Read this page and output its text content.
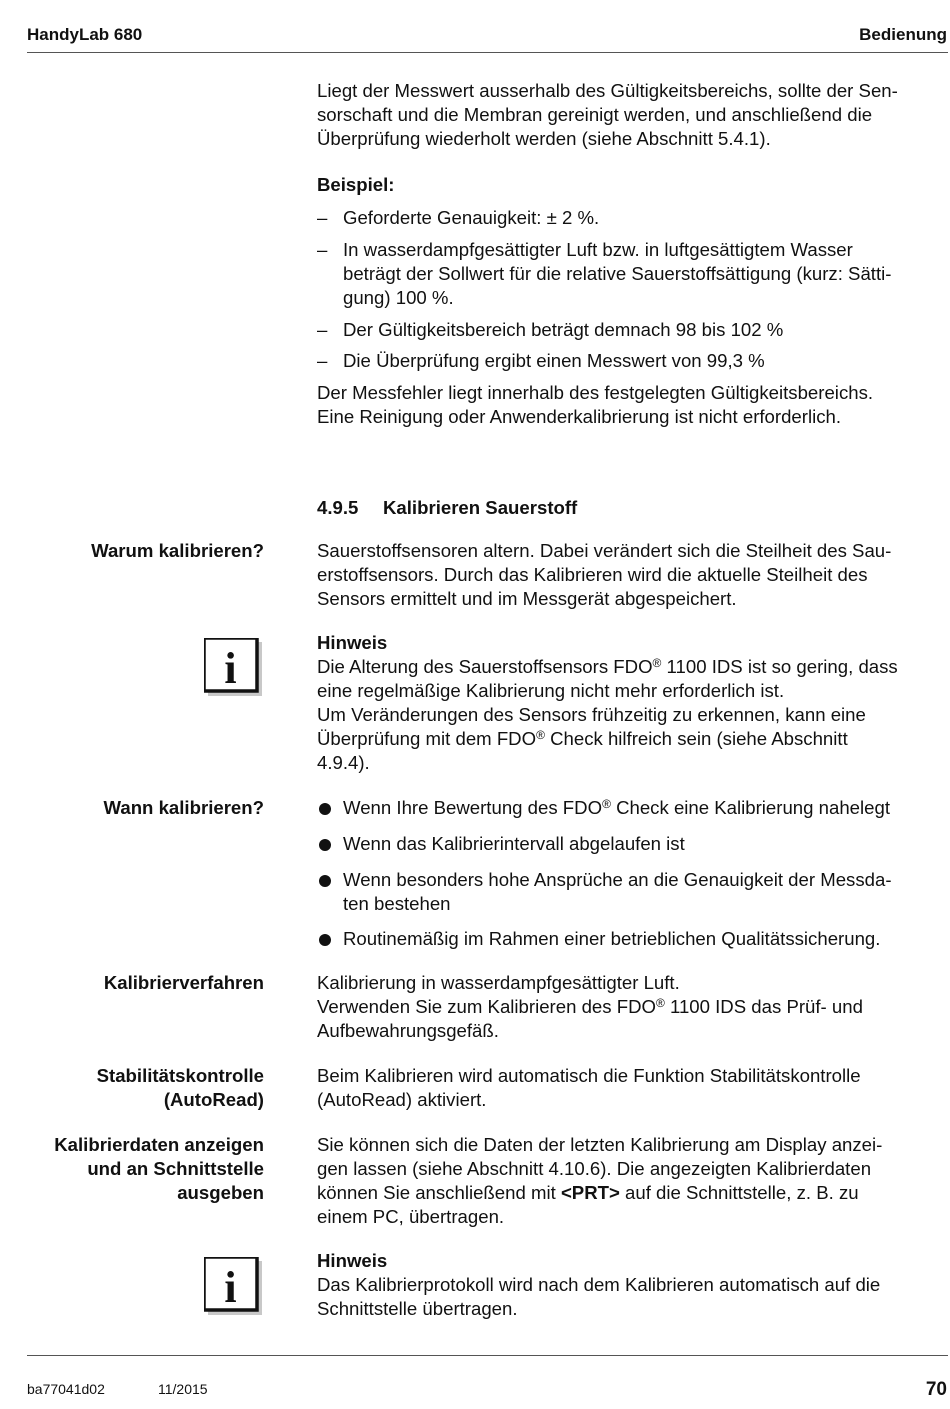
HandyLab 680	Bedienung
Liegt der Messwert ausserhalb des Gültigkeitsbereichs, sollte der Sen-
sorschaft und die Membran gereinigt werden, und anschließend die
Überprüfung wiederholt werden (siehe Abschnitt 5.4.1).
Beispiel:
– Geforderte Genauigkeit: ± 2 %.
– In wasserdampfgesättigter Luft bzw. in luftgesättigtem Wasser
beträgt der Sollwert für die relative Sauerstoffsättigung (kurz: Sätti-
gung) 100 %.
– Der Gültigkeitsbereich beträgt demnach 98 bis 102 %
– Die Überprüfung ergibt einen Messwert von 99,3 %
Der Messfehler liegt innerhalb des festgelegten Gültigkeitsbereichs.
Eine Reinigung oder Anwenderkalibrierung ist nicht erforderlich.
4.9.5 Kalibrieren Sauerstoff
Warum kalibrieren?	Sauerstoffsensoren altern. Dabei verändert sich die Steilheit des Sau-
erstoffsensors. Durch das Kalibrieren wird die aktuelle Steilheit des
Sensors ermittelt und im Messgerät abgespeichert.
i
Hinweis
Die Alterung des Sauerstoffsensors FDO® 1100 IDS ist so gering, dass
eine regelmäßige Kalibrierung nicht mehr erforderlich ist.
Um Veränderungen des Sensors frühzeitig zu erkennen, kann eine
Überprüfung mit dem FDO® Check hilfreich sein (siehe Abschnitt
4.9.4).
Wann kalibrieren?	Wenn Ihre Bewertung des FDO® Check eine Kalibrierung nahelegt
Wenn das Kalibrierintervall abgelaufen ist
Wenn besonders hohe Ansprüche an die Genauigkeit der Messda-
ten bestehen
Routinemäßig im Rahmen einer betrieblichen Qualitätssicherung.
Kalibrierverfahren	Kalibrierung in wasserdampfgesättigter Luft.
Verwenden Sie zum Kalibrieren des FDO® 1100 IDS das Prüf- und
Aufbewahrungsgefäß.
Stabilitätskontrolle
(AutoRead)
Beim Kalibrieren wird automatisch die Funktion Stabilitätskontrolle
(AutoRead) aktiviert.
Kalibrierdaten anzeigen
und an Schnittstelle
ausgeben
Sie können sich die Daten der letzten Kalibrierung am Display anzei-
gen lassen (siehe Abschnitt 4.10.6). Die angezeigten Kalibrierdaten
können Sie anschließend mit <PRT> auf die Schnittstelle, z. B. zu
einem PC, übertragen.
i
Hinweis
Das Kalibrierprotokoll wird nach dem Kalibrieren automatisch auf die
Schnittstelle übertragen.
ba77041d02	11/2015	70
